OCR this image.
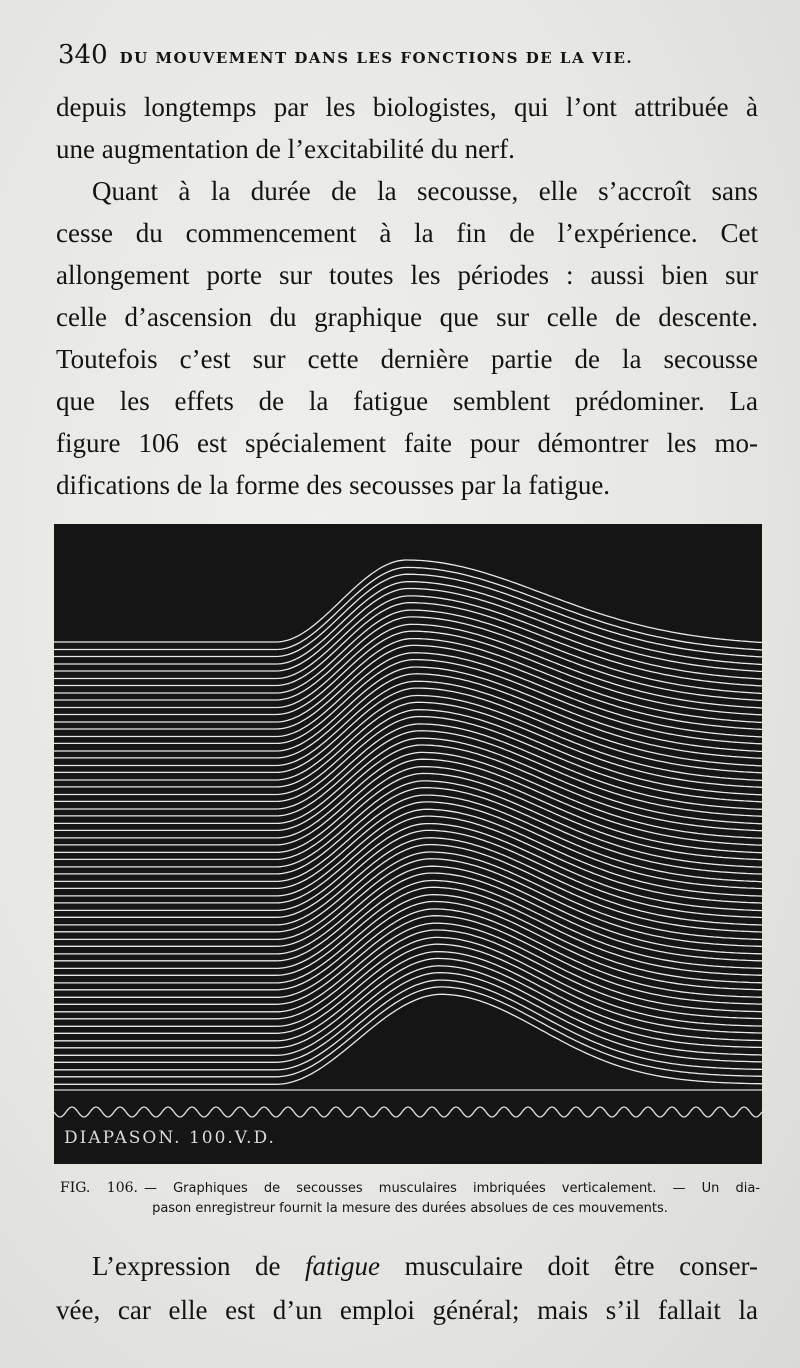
340 DU MOUVEMENT DANS LES FONCTIONS DE LA VIE.

depuis longtemps par les biologistes, qui l’ont attribuée à

une augmentation de l’excitabilité du nerf.

Quant à la durée de la secousse, elle s’accroît sans

cesse du commencement à la fin de l’expérience. Cet

allongement porte sur toutes les périodes : aussi bien sur

celle d’ascension du graphique que sur celle de descente.

Toutefois c’est sur cette dernière partie de la secousse

que les effets de la fatigue semblent prédominer. La

figure 106 est spécialement faite pour démontrer les mo-

difications de la forme des secousses par la fatigue.

DIAPASON. 100.V.D.

FIG. 106. — Graphiques de secousses musculaires imbriquées verticalement. — Un dia-

pason enregistreur fournit la mesure des durées absolues de ces mouvements.

L’expression de fatigue musculaire doit être conser-

vée, car elle est d’un emploi général; mais s’il fallait la
